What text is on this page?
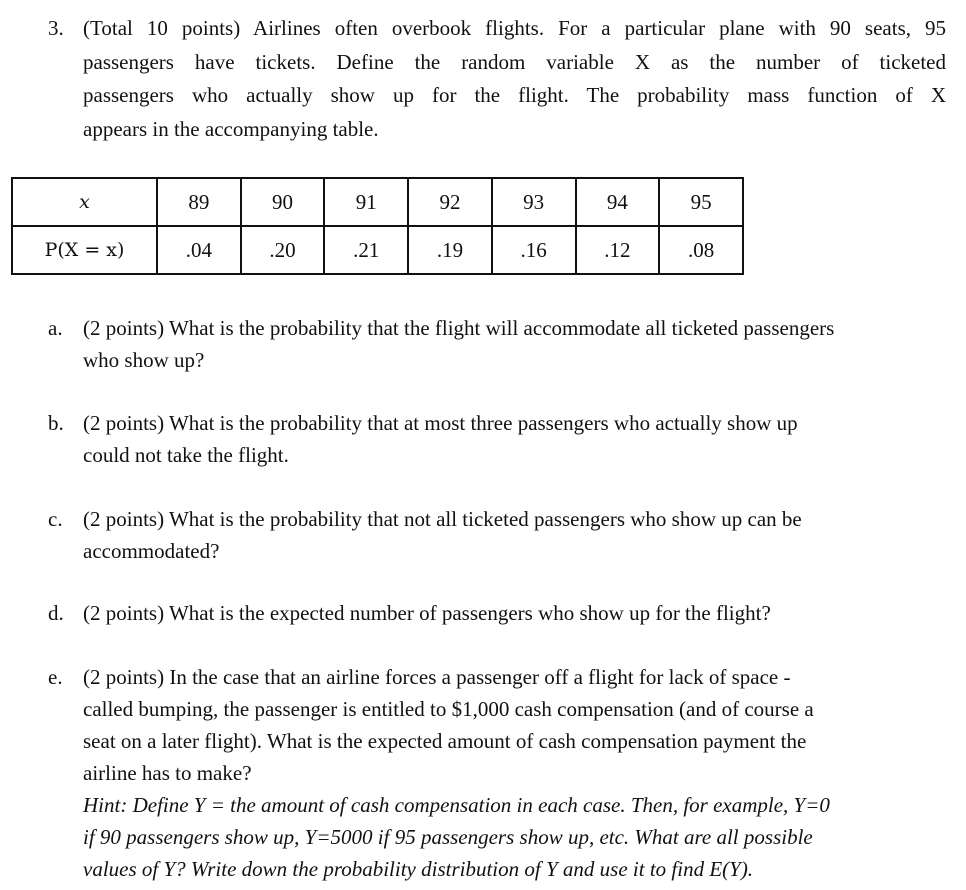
3. (Total 10 points) Airlines often overbook flights. For a particular plane with 90 seats, 95
passengers have tickets. Define the random variable X as the number of ticketed
passengers who actually show up for the flight. The probability mass function of X
appears in the accompanying table.
x	89	90	91	92	93	94	95
P(X = x)	.04	.20	.21	.19	.16	.12	.08
a. (2 points) What is the probability that the flight will accommodate all ticketed passengers
who show up?
b. (2 points) What is the probability that at most three passengers who actually show up
could not take the flight.
c. (2 points) What is the probability that not all ticketed passengers who show up can be
accommodated?
d. (2 points) What is the expected number of passengers who show up for the flight?
e. (2 points) In the case that an airline forces a passenger off a flight for lack of space -
called bumping, the passenger is entitled to $1,000 cash compensation (and of course a
seat on a later flight). What is the expected amount of cash compensation payment the
airline has to make?
Hint: Define Y = the amount of cash compensation in each case. Then, for example, Y=0
if 90 passengers show up, Y=5000 if 95 passengers show up, etc. What are all possible
values of Y? Write down the probability distribution of Y and use it to find E(Y).
